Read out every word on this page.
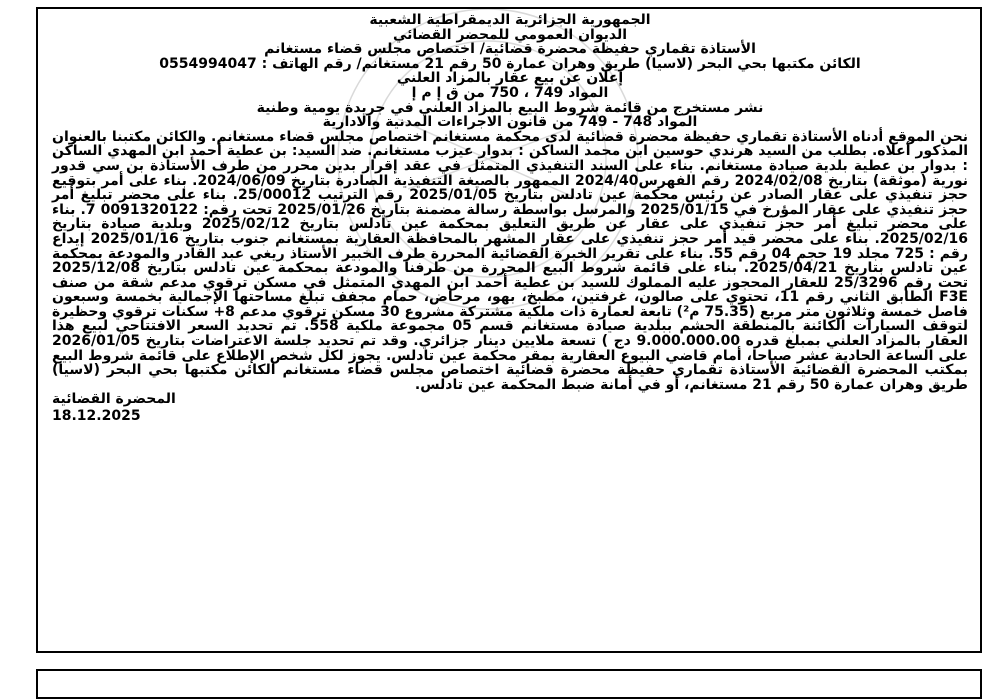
الجمهورية الجزائرية الديمقراطية الشعبية

الديوان العمومي للمحضر القضائي

الأستاذة تقماري حفيظة محضرة قضائية/ اختصاص مجلس قضاء مستغانم

الكائن مكتبها بحي البحر (لاسيا) طريق وهران عمارة 50 رقم 21 مستغانم/ رقم الهاتف : 0554994047

إعلان عن بيع عقار بالمزاد العلني

المواد 749 ، 750 من ق إ م إ

نشر مستخرج من قائمة شروط البيع بالمزاد العلني في جريدة يومية وطنية

المواد 748 - 749 من قانون الاجراءات المدنية والادارية

نحن الموقع أدناه الأستاذة تقماري حفيظة محضرة قضائية لدى محكمة مستغانم اختصاص مجلس قضاء مستغانم. والكائن مكتبنا بالعنوان المذكور أعلاه. بطلب من السيد هرندي حوسين ابن محمد الساكن : بدوار عيزب مستغانم. ضد السيد: بن عطية أحمد ابن المهدي الساكن : بدوار بن عطية بلدية صيادة مستغانم. بناء على السند التنفيذي المتمثل في عقد إقرار بدين محرر من طرف الأستاذة بن سي قدور نورية (موثقة) بتاريخ 2024/02/08 رقم الفهرس2024/40 الممهور بالصيغة التنفيذية الصادرة بتاريخ 2024/06/09. بناء على أمر بتوقيع حجز تنفيذي على عقار الصادر عن رئيس محكمة عين تادلس بتاريخ 2025/01/05 رقم الترتيب 25/00012. بناء على محضر تبليغ أمر حجز تنفيذي على عقار المؤرخ في 2025/01/15 والمرسل بواسطة رسالة مضمنة بتاريخ 2025/01/26 تحت رقم: 0091320122 7. بناء على محضر تبليغ أمر حجز تنفيذي على عقار عن طريق التعليق بمحكمة عين تادلس بتاريخ 2025/02/12 وبلدية صيادة بتاريخ 2025/02/16. بناء على محضر قيد أمر حجز تنفيذي على عقار المشهر بالمحافظة العقارية بمستغانم جنوب بتاريخ 2025/01/16 إيداع رقم : 725 مجلد 19 حجم 04 رقم 55. بناء على تقرير الخبرة القضائية المحررة طرف الخبير الأستاذ ريغي عبد القادر والمودعة بمحكمة عين تادلس بتاريخ 2025/04/21. بناء على قائمة شروط البيع المحررة من طرفنا والمودعة بمحكمة عين تادلس بتاريخ 2025/12/08 تحت رقم 25/3296 للعقار المحجوز عليه المملوك للسيد بن عطية أحمد ابن المهدي المتمثل في مسكن ترقوي مدعم شقة من صنف F3E الطابق الثاني رقم 11، تحتوي على صالون، غرفتين، مطبخ، بهو، مرحاض، حمام مجفف تبلغ مساحتها الإجمالية بخمسة وسبعون فاصل خمسة وثلاثون متر مربع (75.35 م²) تابعة لعمارة ذات ملكية مشتركة مشروع 30 مسكن ترقوي مدعم 8+ سكنات ترقوي وحظيرة لتوقف السيارات الكائنة بالمنطقة الحشم ببلدية صيادة مستغانم قسم 05 مجموعة ملكية 558. تم تحديد السعر الافتتاحي لبيع هذا العقار بالمزاد العلني بمبلغ قدره 9.000.000.00 دج ) تسعة ملايين دينار جزائري. وقد تم تحديد جلسة الاعتراضات بتاريخ 2026/01/05 على الساعة الحادية عشر صباحا، أمام قاضي البيوع العقارية بمقر محكمة عين تادلس. يجوز لكل شخص الإطلاع على قائمة شروط البيع بمكتب المحضرة القضائية الأستاذة تقماري حفيظة محضرة قضائية اختصاص مجلس قضاء مستغانم الكائن مكتبها بحي البحر (لاسيا) طريق وهران عمارة 50 رقم 21 مستغانم، أو في أمانة ضبط المحكمة عين تادلس.

المحضرة القضائية

18.12.2025
